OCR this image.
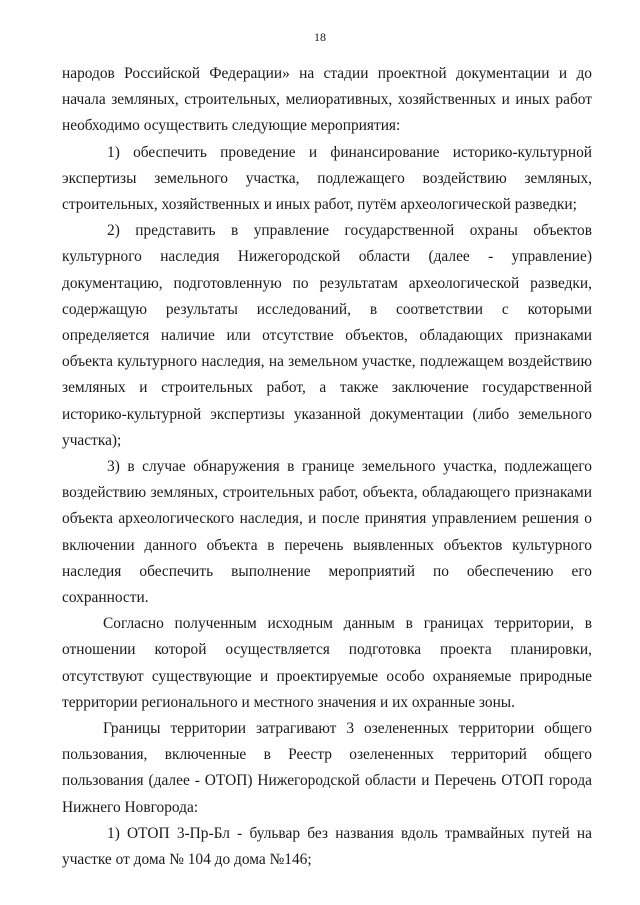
18

народов Российской Федерации» на стадии проектной документации и до начала земляных, строительных, мелиоративных, хозяйственных и иных работ необходимо осуществить следующие мероприятия:

1) обеспечить проведение и финансирование историко-культурной экспертизы земельного участка, подлежащего воздействию земляных, строительных, хозяйственных и иных работ, путём археологической разведки;

2) представить в управление государственной охраны объектов культурного наследия Нижегородской области (далее - управление) документацию, подготовленную по результатам археологической разведки, содержащую результаты исследований, в соответствии с которыми определяется наличие или отсутствие объектов, обладающих признаками объекта культурного наследия, на земельном участке, подлежащем воздействию земляных и строительных работ, а также заключение государственной историко-культурной экспертизы указанной документации (либо земельного участка);

3) в случае обнаружения в границе земельного участка, подлежащего воздействию земляных, строительных работ, объекта, обладающего признаками объекта археологического наследия, и после принятия управлением решения о включении данного объекта в перечень выявленных объектов культурного наследия обеспечить выполнение мероприятий по обеспечению его сохранности.

Согласно полученным исходным данным в границах территории, в отношении которой осуществляется подготовка проекта планировки, отсутствуют существующие и проектируемые особо охраняемые природные территории регионального и местного значения и их охранные зоны.

Границы территории затрагивают 3 озелененных территории общего пользования, включенные в Реестр озелененных территорий общего пользования (далее - ОТОП) Нижегородской области и Перечень ОТОП города Нижнего Новгорода:

1) ОТОП 3-Пр-Бл - бульвар без названия вдоль трамвайных путей на участке от дома № 104 до дома №146;
